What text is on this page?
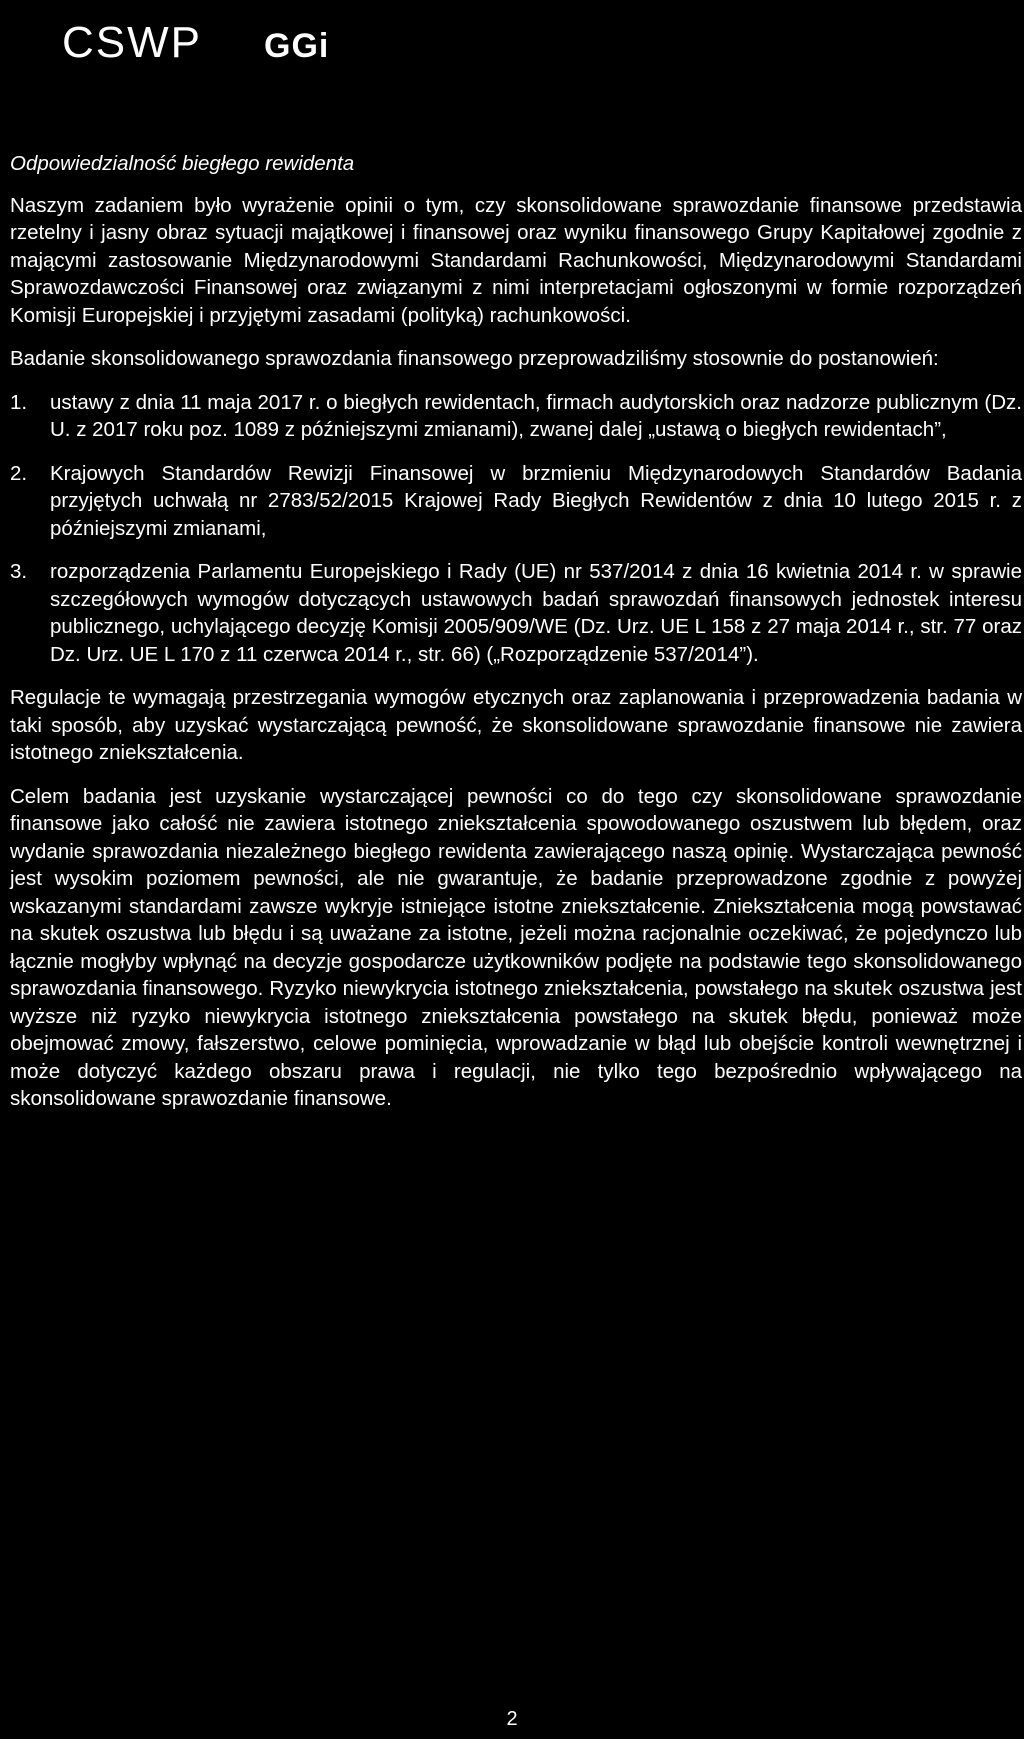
CSWP GGi
Odpowiedzialność biegłego rewidenta

Naszym zadaniem było wyrażenie opinii o tym, czy skonsolidowane sprawozdanie finansowe przedstawia rzetelny i jasny obraz sytuacji majątkowej i finansowej oraz wyniku finansowego Grupy Kapitałowej zgodnie z mającymi zastosowanie Międzynarodowymi Standardami Rachunkowości, Międzynarodowymi Standardami Sprawozdawczości Finansowej oraz związanymi z nimi interpretacjami ogłoszonymi w formie rozporządzeń Komisji Europejskiej i przyjętymi zasadami (polityką) rachunkowości.

Badanie skonsolidowanego sprawozdania finansowego przeprowadziliśmy stosownie do postanowień:

1.	ustawy z dnia 11 maja 2017 r. o biegłych rewidentach, firmach audytorskich oraz nadzorze publicznym (Dz. U. z 2017 roku poz. 1089 z późniejszymi zmianami), zwanej dalej „ustawą o biegłych rewidentach”,
2.	Krajowych Standardów Rewizji Finansowej w brzmieniu Międzynarodowych Standardów Badania przyjętych uchwałą nr 2783/52/2015 Krajowej Rady Biegłych Rewidentów z dnia 10 lutego 2015 r. z późniejszymi zmianami,
3.	rozporządzenia Parlamentu Europejskiego i Rady (UE) nr 537/2014 z dnia 16 kwietnia 2014 r. w sprawie szczegółowych wymogów dotyczących ustawowych badań sprawozdań finansowych jednostek interesu publicznego, uchylającego decyzję Komisji 2005/909/WE (Dz. Urz. UE L 158 z 27 maja 2014 r., str. 77 oraz Dz. Urz. UE L 170 z 11 czerwca 2014 r., str. 66) („Rozporządzenie 537/2014”).

Regulacje te wymagają przestrzegania wymogów etycznych oraz zaplanowania i przeprowadzenia badania w taki sposób, aby uzyskać wystarczającą pewność, że skonsolidowane sprawozdanie finansowe nie zawiera istotnego zniekształcenia.

Celem badania jest uzyskanie wystarczającej pewności co do tego czy skonsolidowane sprawozdanie finansowe jako całość nie zawiera istotnego zniekształcenia spowodowanego oszustwem lub błędem, oraz wydanie sprawozdania niezależnego biegłego rewidenta zawierającego naszą opinię. Wystarczająca pewność jest wysokim poziomem pewności, ale nie gwarantuje, że badanie przeprowadzone zgodnie z powyżej wskazanymi standardami zawsze wykryje istniejące istotne zniekształcenie. Zniekształcenia mogą powstawać na skutek oszustwa lub błędu i są uważane za istotne, jeżeli można racjonalnie oczekiwać, że pojedynczo lub łącznie mogłyby wpłynąć na decyzje gospodarcze użytkowników podjęte na podstawie tego skonsolidowanego sprawozdania finansowego. Ryzyko niewykrycia istotnego zniekształcenia, powstałego na skutek oszustwa jest wyższe niż ryzyko niewykrycia istotnego zniekształcenia powstałego na skutek błędu, ponieważ może obejmować zmowy, fałszerstwo, celowe pominięcia, wprowadzanie w błąd lub obejście kontroli wewnętrznej i może dotyczyć każdego obszaru prawa i regulacji, nie tylko tego bezpośrednio wpływającego na skonsolidowane sprawozdanie finansowe.

2
